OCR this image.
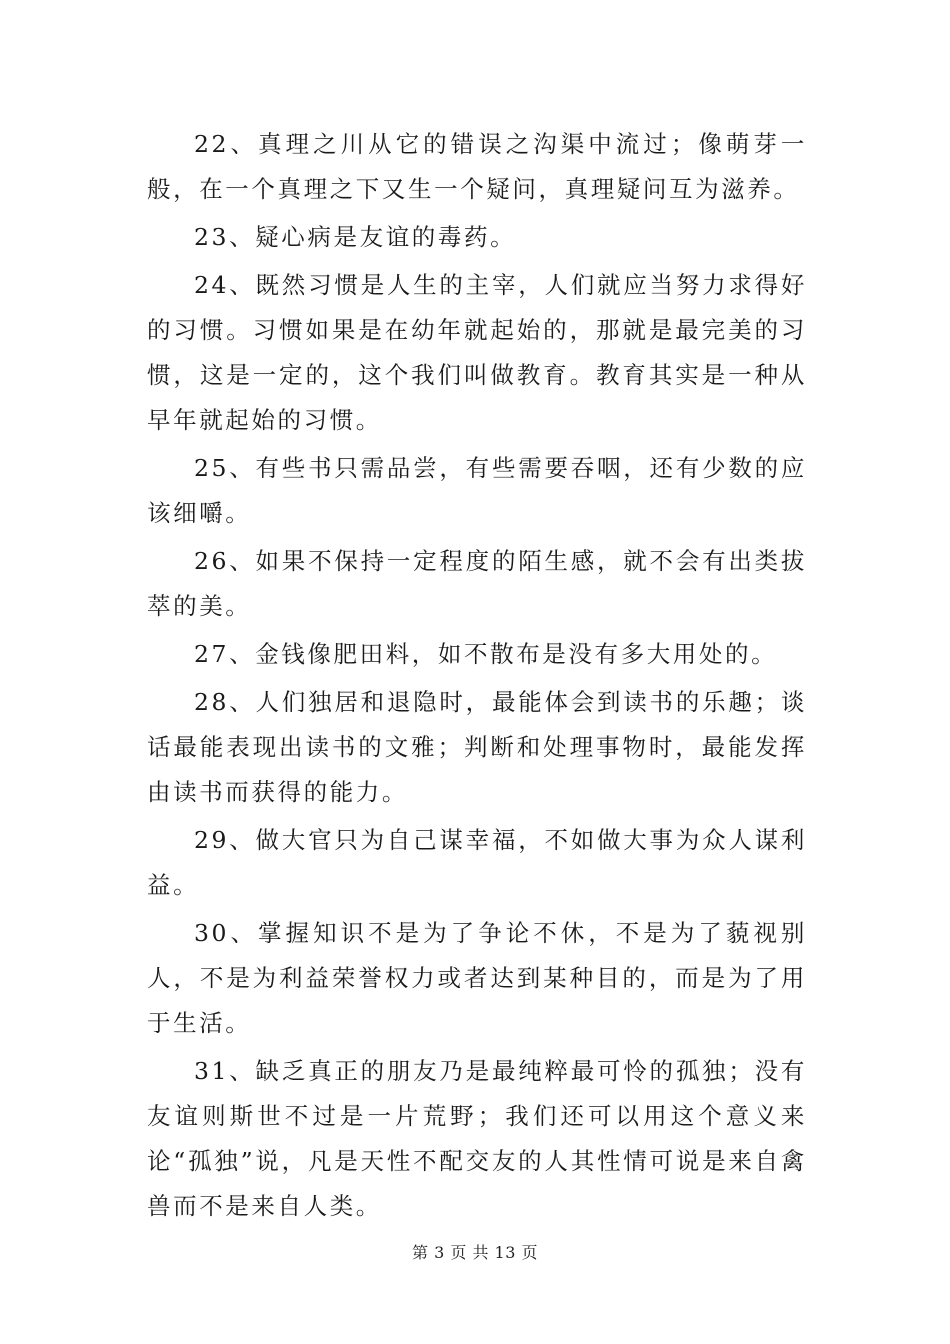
22、真理之川从它的错误之沟渠中流过；像萌芽一般，在一个真理之下又生一个疑问，真理疑问互为滋养。

23、疑心病是友谊的毒药。

24、既然习惯是人生的主宰，人们就应当努力求得好的习惯。习惯如果是在幼年就起始的，那就是最完美的习惯，这是一定的，这个我们叫做教育。教育其实是一种从早年就起始的习惯。

25、有些书只需品尝，有些需要吞咽，还有少数的应该细嚼。

26、如果不保持一定程度的陌生感，就不会有出类拔萃的美。

27、金钱像肥田料，如不散布是没有多大用处的。

28、人们独居和退隐时，最能体会到读书的乐趣；谈话最能表现出读书的文雅；判断和处理事物时，最能发挥由读书而获得的能力。

29、做大官只为自己谋幸福，不如做大事为众人谋利益。

30、掌握知识不是为了争论不休，不是为了藐视别人，不是为利益荣誉权力或者达到某种目的，而是为了用于生活。

31、缺乏真正的朋友乃是最纯粹最可怜的孤独；没有友谊则斯世不过是一片荒野；我们还可以用这个意义来论“孤独”说，凡是天性不配交友的人其性情可说是来自禽兽而不是来自人类。

第 3 页 共 13 页
